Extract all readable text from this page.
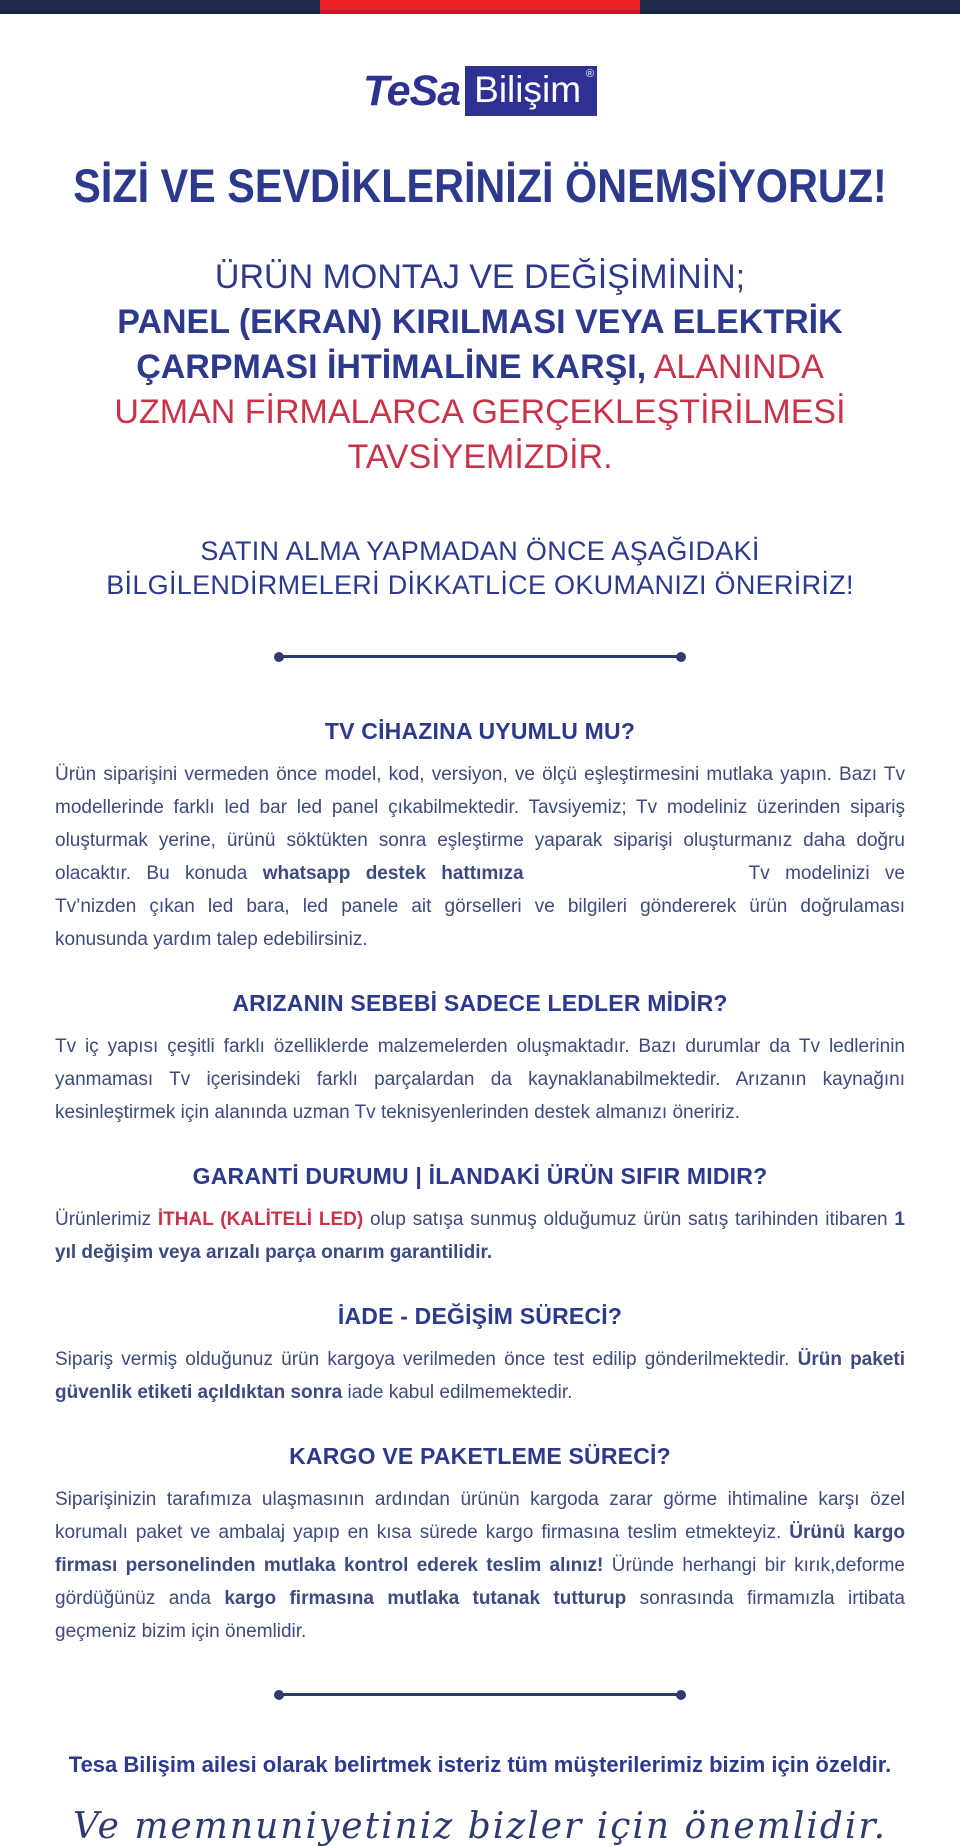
TeSa Bilişim ®
SİZİ VE SEVDİKLERİNİZİ ÖNEMSİYORUZ!
ÜRÜN MONTAJ VE DEĞİŞİMİNİN;
PANEL (EKRAN) KIRILMASI VEYA ELEKTRİK
ÇARPMASI İHTİMALİNE KARŞI, ALANINDA
UZMAN FİRMALARCA GERÇEKLEŞTİRİLMESİ
TAVSİYEMİZDİR.
SATIN ALMA YAPMADAN ÖNCE AŞAĞIDAKİ
BİLGİLENDİRMELERİ DİKKATLİCE OKUMANIZI ÖNERİRİZ!
TV CİHAZINA UYUMLU MU?

Ürün siparişini vermeden önce model, kod, versiyon, ve ölçü eşleştirmesini mutlaka yapın. Bazı Tv modellerinde farklı led bar led panel çıkabilmektedir. Tavsiyemiz; Tv modeliniz üzerinden sipariş oluşturmak yerine, ürünü söktükten sonra eşleştirme yaparak siparişi oluşturmanız daha doğru olacaktır. Bu konuda whatsapp destek hattımıza	Tv modelinizi ve Tv’nizden çıkan led bara, led panele ait görselleri ve bilgileri göndererek ürün doğrulaması konusunda yardım talep edebilirsiniz.

ARIZANIN SEBEBİ SADECE LEDLER MİDİR?

Tv iç yapısı çeşitli farklı özelliklerde malzemelerden oluşmaktadır. Bazı durumlar da Tv ledlerinin yanmaması Tv içerisindeki farklı parçalardan da kaynaklanabilmektedir. Arızanın kaynağını kesinleştirmek için alanında uzman Tv teknisyenlerinden destek almanızı öneririz.

GARANTİ DURUMU | İLANDAKİ ÜRÜN SIFIR MIDIR?

Ürünlerimiz İTHAL (KALİTELİ LED) olup satışa sunmuş olduğumuz ürün satış tarihinden itibaren 1 yıl değişim veya arızalı parça onarım garantilidir.

İADE - DEĞİŞİM SÜRECİ?

Sipariş vermiş olduğunuz ürün kargoya verilmeden önce test edilip gönderilmektedir. Ürün paketi güvenlik etiketi açıldıktan sonra iade kabul edilmemektedir.

KARGO VE PAKETLEME SÜRECİ?

Siparişinizin tarafımıza ulaşmasının ardından ürünün kargoda zarar görme ihtimaline karşı özel korumalı paket ve ambalaj yapıp en kısa sürede kargo firmasına teslim etmekteyiz. Ürünü kargo firması personelinden mutlaka kontrol ederek teslim alınız! Üründe herhangi bir kırık,deforme gördüğünüz anda kargo firmasına mutlaka tutanak tutturup sonrasında firmamızla irtibata geçmeniz bizim için önemlidir.

Tesa Bilişim ailesi olarak belirtmek isteriz tüm müşterilerimiz bizim için özeldir.
Ve memnuniyetiniz bizler için önemlidir.
